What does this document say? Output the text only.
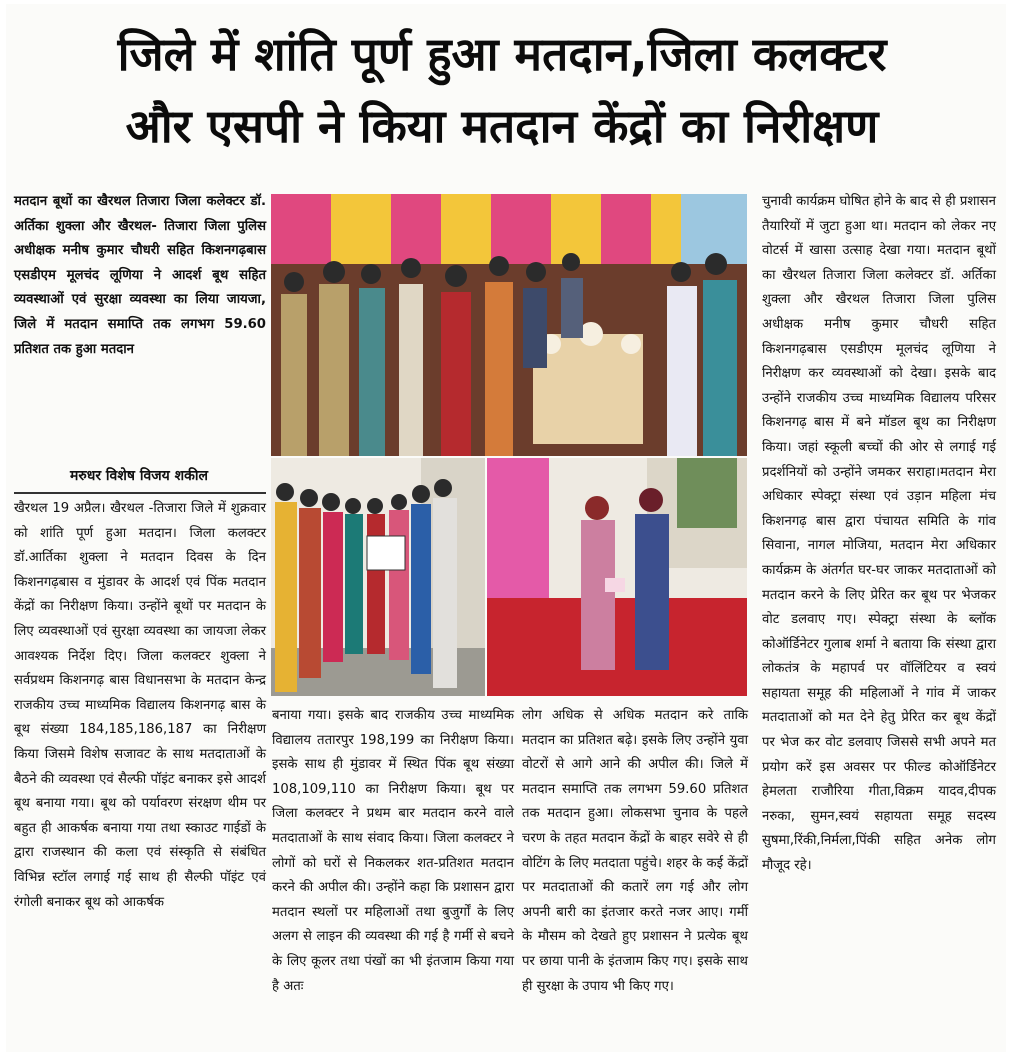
जिले में शांति पूर्ण हुआ मतदान,जिला कलक्टर
और एसपी ने किया मतदान केंद्रों का निरीक्षण

मतदान बूथों का खैरथल तिजारा जिला कलेक्टर डॉ. अर्तिका शुक्ला और खैरथल- तिजारा जिला पुलिस अधीक्षक मनीष कुमार चौधरी सहित किशनगढ़बास एसडीएम मूलचंद लूणिया ने आदर्श बूथ सहित व्यवस्थाओं एवं सुरक्षा व्यवस्था का लिया जायजा, जिले में मतदान समाप्ति तक लगभग 59.60 प्रतिशत तक हुआ मतदान

मरुधर विशेष विजय शकील

खैरथल 19 अप्रैल। खैरथल -तिजारा जिले में शुक्रवार को शांति पूर्ण हुआ मतदान। जिला कलक्टर डॉ.आर्तिका शुक्ला ने मतदान दिवस के दिन किशनगढ़बास व मुंडावर के आदर्श एवं पिंक मतदान केंद्रों का निरीक्षण किया। उन्होंने बूथों पर मतदान के लिए व्यवस्थाओं एवं सुरक्षा व्यवस्था का जायजा लेकर आवश्यक निर्देश दिए। जिला कलक्टर शुक्ला ने सर्वप्रथम किशनगढ़ बास विधानसभा के मतदान केन्द्र राजकीय उच्च माध्यमिक विद्यालय किशनगढ़ बास के बूथ संख्या 184,185,186,187 का निरीक्षण किया जिसमे विशेष सजावट के साथ मतदाताओं के बैठने की व्यवस्था एवं सैल्फी पॉइंट बनाकर इसे आदर्श बूथ बनाया गया। बूथ को पर्यावरण संरक्षण थीम पर बहुत ही आकर्षक बनाया गया तथा स्काउट गाईडों के द्वारा राजस्थान की कला एवं संस्कृति से संबंधित विभिन्न स्टॉल लगाई गई साथ ही सैल्फी पॉइंट एवं रंगोली बनाकर बूथ को आकर्षक

बनाया गया। इसके बाद राजकीय उच्च माध्यमिक विद्यालय ततारपुर 198,199 का निरीक्षण किया। इसके साथ ही मुंडावर में स्थित पिंक बूथ संख्या 108,109,110 का निरीक्षण किया। बूथ पर जिला कलक्टर ने प्रथम बार मतदान करने वाले मतदाताओं के साथ संवाद किया। जिला कलक्टर ने लोगों को घरों से निकलकर शत-प्रतिशत मतदान करने की अपील की। उन्होंने कहा कि प्रशासन द्वारा मतदान स्थलों पर महिलाओं तथा बुजुर्गों के लिए अलग से लाइन की व्यवस्था की गई है गर्मी से बचने के लिए कूलर तथा पंखों का भी इंतजाम किया गया है अतः

लोग अधिक से अधिक मतदान करे ताकि मतदान का प्रतिशत बढ़े। इसके लिए उन्होंने युवा वोटरों से आगे आने की अपील की। जिले में मतदान समाप्ति तक लगभग 59.60 प्रतिशत तक मतदान हुआ। लोकसभा चुनाव के पहले चरण के तहत मतदान केंद्रों के बाहर सवेरे से ही वोटिंग के लिए मतदाता पहुंचे। शहर के कई केंद्रों पर मतदाताओं की कतारें लग गई और लोग अपनी बारी का इंतजार करते नजर आए। गर्मी के मौसम को देखते हुए प्रशासन ने प्रत्येक बूथ पर छाया पानी के इंतजाम किए गए। इसके साथ ही सुरक्षा के उपाय भी किए गए।

चुनावी कार्यक्रम घोषित होने के बाद से ही प्रशासन तैयारियों में जुटा हुआ था। मतदान को लेकर नए वोटर्स में खासा उत्साह देखा गया। मतदान बूथों का खैरथल तिजारा जिला कलेक्टर डॉ. अर्तिका शुक्ला और खैरथल तिजारा जिला पुलिस अधीक्षक मनीष कुमार चौधरी सहित किशनगढ़बास एसडीएम मूलचंद लूणिया ने निरीक्षण कर व्यवस्थाओं को देखा। इसके बाद उन्होंने राजकीय उच्च माध्यमिक विद्यालय परिसर किशनगढ़ बास में बने मॉडल बूथ का निरीक्षण किया। जहां स्कूली बच्चों की ओर से लगाई गई प्रदर्शनियों को उन्होंने जमकर सराहा।मतदान मेरा अधिकार स्पेक्ट्रा संस्था एवं उड़ान महिला मंच किशनगढ़ बास द्वारा पंचायत समिति के गांव सिवाना, नागल मोजिया, मतदान मेरा अधिकार कार्यक्रम के अंतर्गत घर-घर जाकर मतदाताओं को मतदान करने के लिए प्रेरित कर बूथ पर भेजकर वोट डलवाए गए। स्पेक्ट्रा संस्था के ब्लॉक कोऑर्डिनेटर गुलाब शर्मा ने बताया कि संस्था द्वारा लोकतंत्र के महापर्व पर वॉलिंटियर व स्वयं सहायता समूह की महिलाओं ने गांव में जाकर मतदाताओं को मत देने हेतु प्रेरित कर बूथ केंद्रों पर भेज कर वोट डलवाए जिससे सभी अपने मत प्रयोग करें इस अवसर पर फील्ड कोऑर्डिनेटर हेमलता राजौरिया गीता,विक्रम यादव,दीपक नरुका, सुमन,स्वयं सहायता समूह सदस्य सुषमा,रिंकी,निर्मला,पिंकी सहित अनेक लोग मौजूद रहे।
